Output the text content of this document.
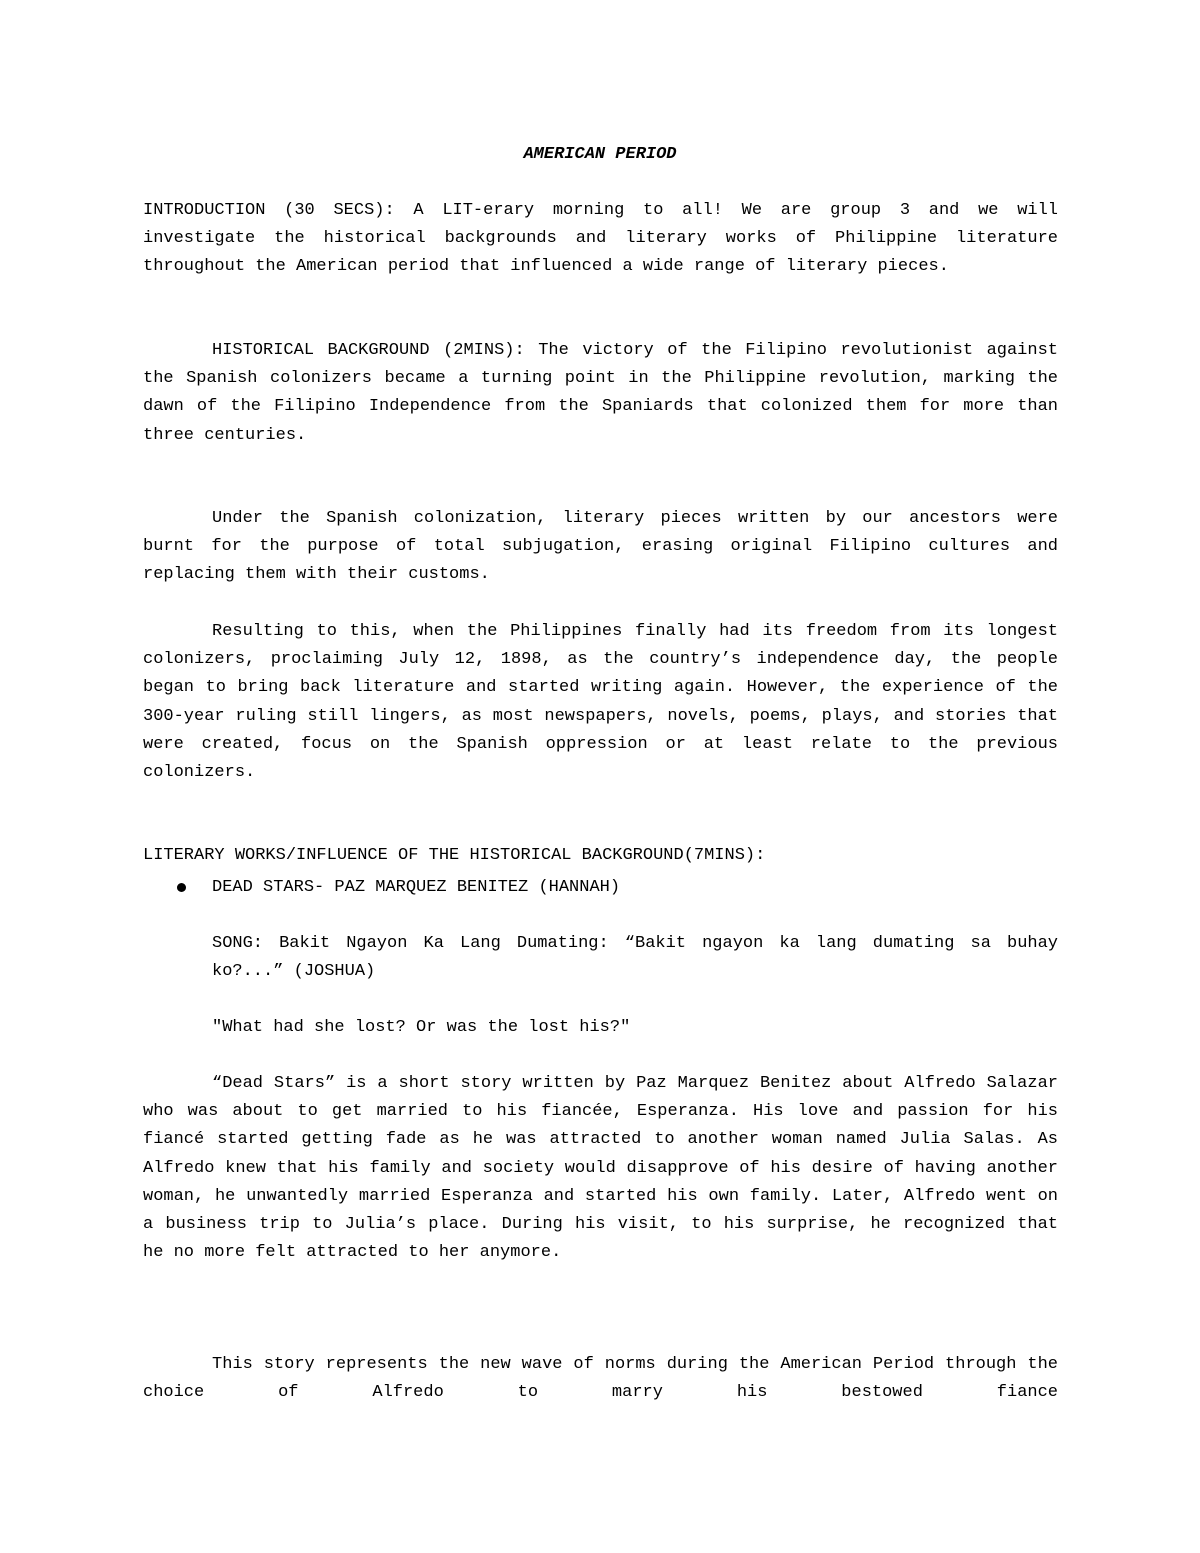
AMERICAN PERIOD

INTRODUCTION (30 SECS): A LIT-erary morning to all! We are group 3 and we will investigate the historical backgrounds and literary works of Philippine literature throughout the American period that influenced a wide range of literary pieces.

HISTORICAL BACKGROUND (2MINS): The victory of the Filipino revolutionist against the Spanish colonizers became a turning point in the Philippine revolution, marking the dawn of the Filipino Independence from the Spaniards that colonized them for more than three centuries.

Under the Spanish colonization, literary pieces written by our ancestors were burnt for the purpose of total subjugation, erasing original Filipino cultures and replacing them with their customs.

Resulting to this, when the Philippines finally had its freedom from its longest colonizers, proclaiming July 12, 1898, as the country’s independence day, the people began to bring back literature and started writing again. However, the experience of the 300-year ruling still lingers, as most newspapers, novels, poems, plays, and stories that were created, focus on the Spanish oppression or at least relate to the previous colonizers.

LITERARY WORKS/INFLUENCE OF THE HISTORICAL BACKGROUND(7MINS):

DEAD STARS- PAZ MARQUEZ BENITEZ (HANNAH)

SONG: Bakit Ngayon Ka Lang Dumating: “Bakit ngayon ka lang dumating sa buhay ko?...” (JOSHUA)

"What had she lost? Or was the lost his?"

“Dead Stars” is a short story written by Paz Marquez Benitez about Alfredo Salazar who was about to get married to his fiancée, Esperanza. His love and passion for his fiancé started getting fade as he was attracted to another woman named Julia Salas. As Alfredo knew that his family and society would disapprove of his desire of having another woman, he unwantedly married Esperanza and started his own family. Later, Alfredo went on a business trip to Julia’s place. During his visit, to his surprise, he recognized that he no more felt attracted to her anymore.

This story represents the new wave of norms during the American Period through the choice of Alfredo to marry his bestowed fiance
